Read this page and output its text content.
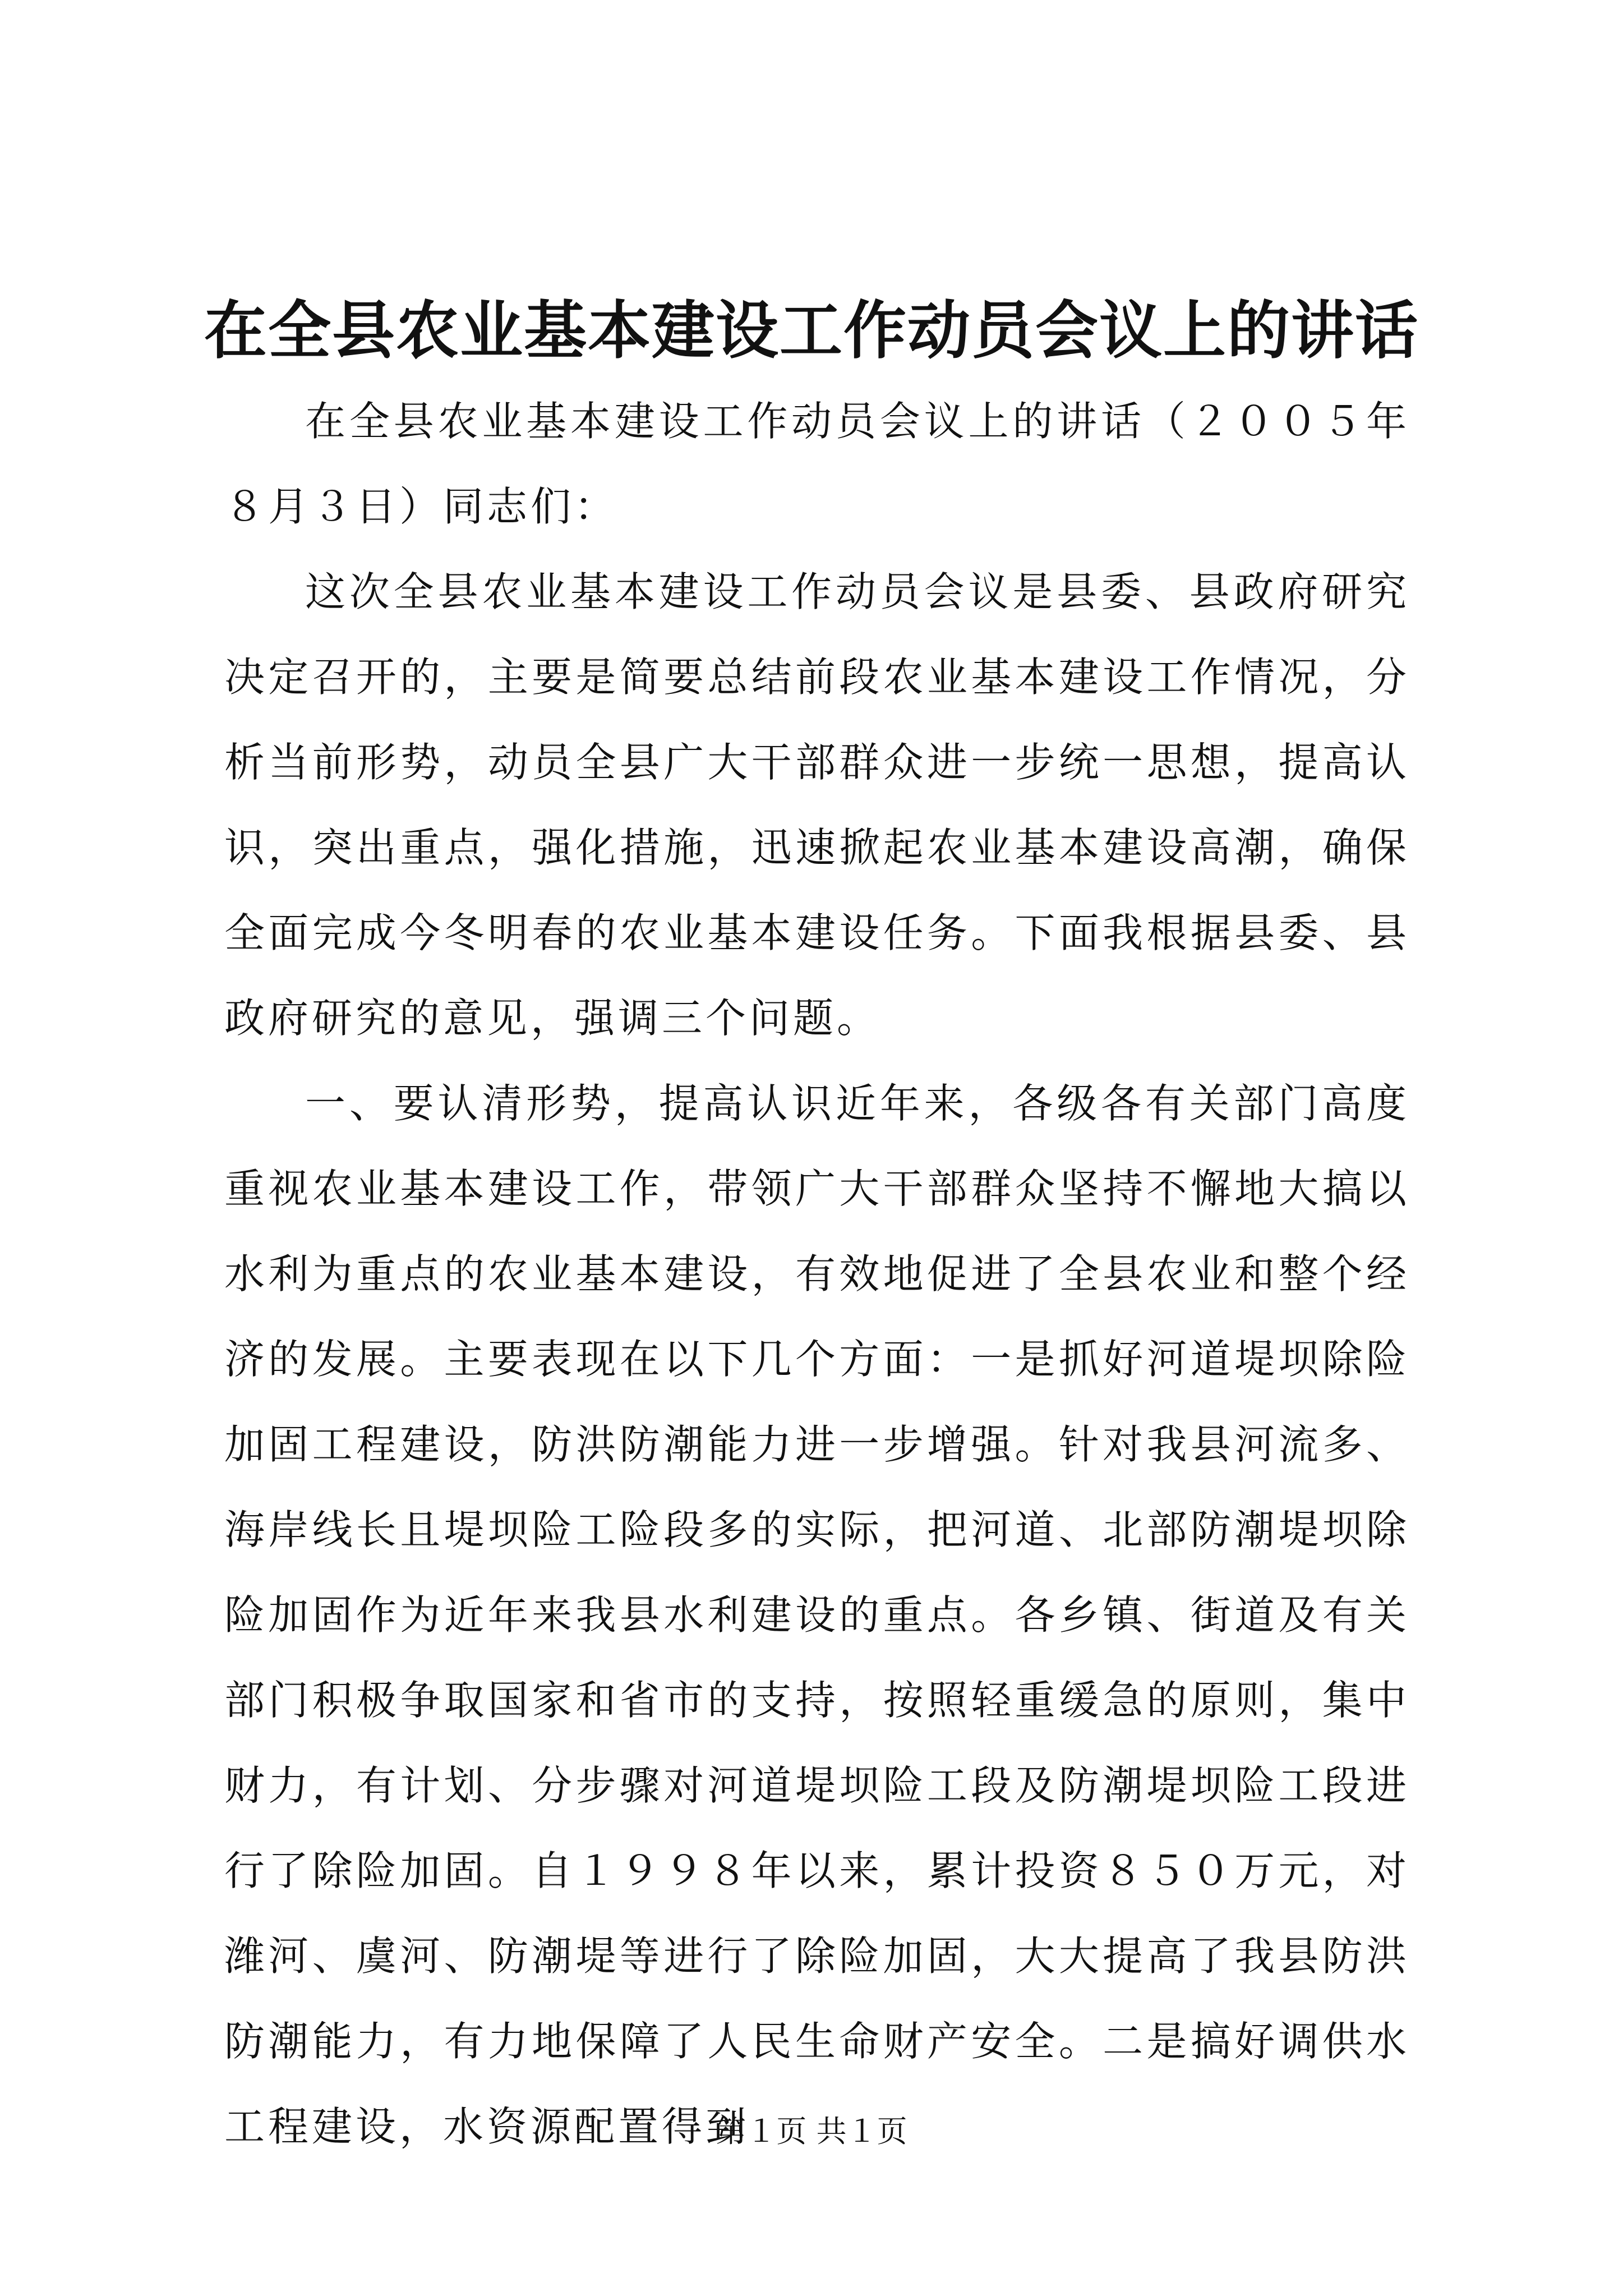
在全县农业基本建设工作动员会议上的讲话

在全县农业基本建设工作动员会议上的讲话（２００５年８月３日）同志们：

这次全县农业基本建设工作动员会议是县委、县政府研究决定召开的，主要是简要总结前段农业基本建设工作情况，分析当前形势，动员全县广大干部群众进一步统一思想，提高认识，突出重点，强化措施，迅速掀起农业基本建设高潮，确保全面完成今冬明春的农业基本建设任务。下面我根据县委、县政府研究的意见，强调三个问题。

一、要认清形势，提高认识近年来，各级各有关部门高度重视农业基本建设工作，带领广大干部群众坚持不懈地大搞以水利为重点的农业基本建设，有效地促进了全县农业和整个经济的发展。主要表现在以下几个方面：一是抓好河道堤坝除险加固工程建设，防洪防潮能力进一步增强。针对我县河流多、海岸线长且堤坝险工险段多的实际，把河道、北部防潮堤坝除险加固作为近年来我县水利建设的重点。各乡镇、街道及有关部门积极争取国家和省市的支持，按照轻重缓急的原则，集中财力，有计划、分步骤对河道堤坝险工段及防潮堤坝险工段进行了除险加固。自１９９８年以来，累计投资８５０万元，对潍河、虞河、防潮堤等进行了除险加固，大大提高了我县防洪防潮能力，有力地保障了人民生命财产安全。二是搞好调供水工程建设，水资源配置得到

第１页 共１页
